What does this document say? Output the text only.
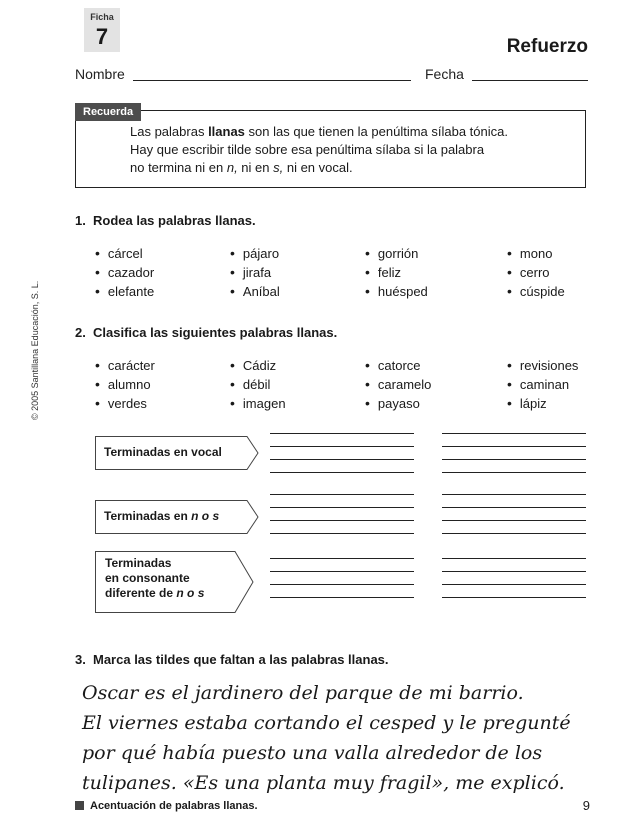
© 2005 Santillana Educación, S. L.
Ficha
7	Refuerzo
Nombre	Fecha
Recuerda

Las palabras llanas son las que tienen la penúltima sílaba tónica.

Hay que escribir tilde sobre esa penúltima sílaba si la palabra

no termina ni en n, ni en s, ni en vocal.

1. Rodea las palabras llanas.
• cárcel
• cazador
• elefante
• pájaro
• jirafa
• Aníbal
• gorrión
• feliz
• huésped
• mono
• cerro
• cúspide
2. Clasifica las siguientes palabras llanas.
• carácter
• alumno
• verdes
• Cádiz
• débil
• imagen
• catorce
• caramelo
• payaso
• revisiones
• caminan
• lápiz
Terminadas en vocal
Terminadas en n o s
Terminadas
en consonante
diferente de n o s
3. Marca las tildes que faltan a las palabras llanas.

Oscar es el jardinero del parque de mi barrio.

El viernes estaba cortando el cesped y le pregunté

por qué había puesto una valla alrededor de los

tulipanes. «Es una planta muy fragil», me explicó.

Acentuación de palabras llanas.	9
